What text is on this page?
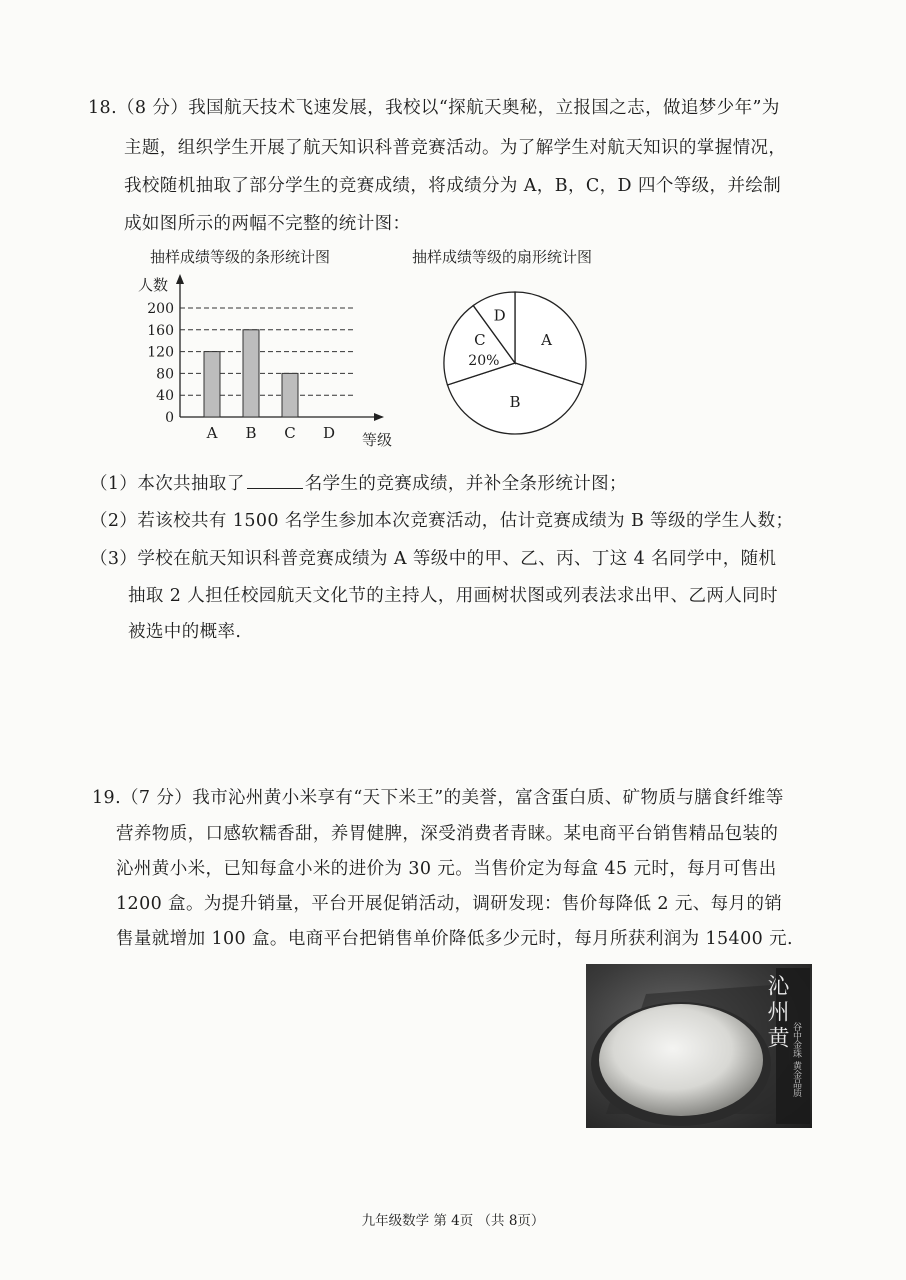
18.（8 分）我国航天技术飞速发展，我校以“探航天奥秘，立报国之志，做追梦少年”为
主题，组织学生开展了航天知识科普竞赛活动。为了解学生对航天知识的掌握情况，
我校随机抽取了部分学生的竞赛成绩，将成绩分为 A，B，C，D 四个等级，并绘制
成如图所示的两幅不完整的统计图：
抽样成绩等级的条形统计图	抽样成绩等级的扇形统计图
人数
等级
0
40
80
120
160
200
A B C D
A
B
C
20%
D
（1）本次共抽取了	名学生的竞赛成绩，并补全条形统计图；
（2）若该校共有 1500 名学生参加本次竞赛活动，估计竞赛成绩为 B 等级的学生人数；
（3）学校在航天知识科普竞赛成绩为 A 等级中的甲、乙、丙、丁这 4 名同学中，随机
抽取 2 人担任校园航天文化节的主持人，用画树状图或列表法求出甲、乙两人同时
被选中的概率.
19.（7 分）我市沁州黄小米享有“天下米王”的美誉，富含蛋白质、矿物质与膳食纤维等
营养物质，口感软糯香甜，养胃健脾，深受消费者青睐。某电商平台销售精品包装的
沁州黄小米，已知每盒小米的进价为 30 元。当售价定为每盒 45 元时，每月可售出
1200 盒。为提升销量，平台开展促销活动，调研发现：售价每降低 2 元、每月的销
售量就增加 100 盒。电商平台把销售单价降低多少元时，每月所获利润为 15400 元.
沁州黄
谷中金珠 黄金品质
九年级数学 第 4页 （共 8页）
